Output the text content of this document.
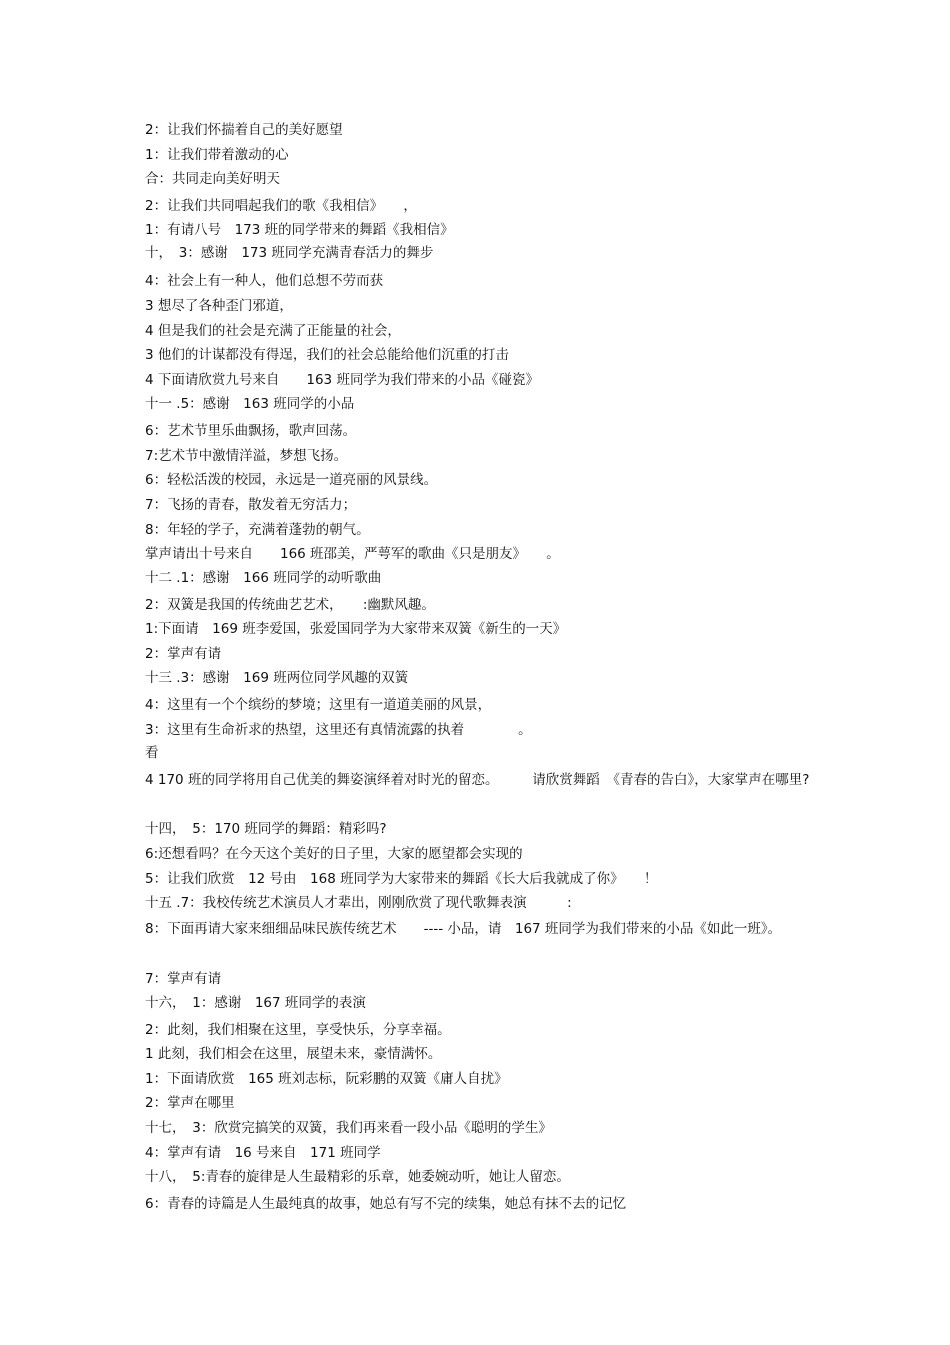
2：让我们怀揣着自己的美好愿望
1：让我们带着激动的心
合：共同走向美好明天
2：让我们共同唱起我们的歌《我相信》　　，
1：有请八号　173 班的同学带来的舞蹈《我相信》
十，　3：感谢　173 班同学充满青春活力的舞步
4：社会上有一种人，他们总想不劳而获
3 想尽了各种歪门邪道，
4 但是我们的社会是充满了正能量的社会，
3 他们的计谋都没有得逞，我们的社会总能给他们沉重的打击
4 下面请欣赏九号来自　　163 班同学为我们带来的小品《碰瓷》
十一 .5：感谢　163 班同学的小品
6：艺术节里乐曲飘扬，歌声回荡。
7:艺术节中激情洋溢，梦想飞扬。
6：轻松活泼的校园，永远是一道亮丽的风景线。
7：飞扬的青春，散发着无穷活力；
8：年轻的学子，充满着蓬勃的朝气。
掌声请出十号来自　　166 班邵美，严萼军的歌曲《只是朋友》　　。
十二 .1：感谢　166 班同学的动听歌曲
2：双簧是我国的传统曲艺艺术，　　:幽默风趣。
1:下面请　169 班李爱国，张爱国同学为大家带来双簧《新生的一天》
2：掌声有请
十三 .3：感谢　169 班两位同学风趣的双簧
4：这里有一个个缤纷的梦境；这里有一道道美丽的风景，
3：这里有生命祈求的热望，这里还有真情流露的执着　　　　。
看
4 170 班的同学将用自己优美的舞姿演绎着对时光的留恋。　　　请欣赏舞蹈　《青春的告白》，大家掌声在哪里?
十四，　5：170 班同学的舞蹈：精彩吗?
6:还想看吗？在今天这个美好的日子里，大家的愿望都会实现的
5：让我们欣赏　12 号由　168 班同学为大家带来的舞蹈《长大后我就成了你》　　！
十五 .7：我校传统艺术演员人才辈出，刚刚欣赏了现代歌舞表演　　　:
8：下面再请大家来细细品味民族传统艺术　　---- 小品，请　167 班同学为我们带来的小品《如此一班》。
7：掌声有请
十六，　1：感谢　167 班同学的表演
2：此刻，我们相聚在这里，享受快乐，分享幸福。
1 此刻，我们相会在这里，展望未来，豪情满怀。
1：下面请欣赏　165 班刘志标，阮彩鹏的双簧《庸人自扰》
2：掌声在哪里
十七，　3：欣赏完搞笑的双簧，我们再来看一段小品《聪明的学生》
4：掌声有请　16 号来自　171 班同学
十八，　5:青春的旋律是人生最精彩的乐章，她委婉动听，她让人留恋。
6：青春的诗篇是人生最纯真的故事，她总有写不完的续集，她总有抹不去的记忆
